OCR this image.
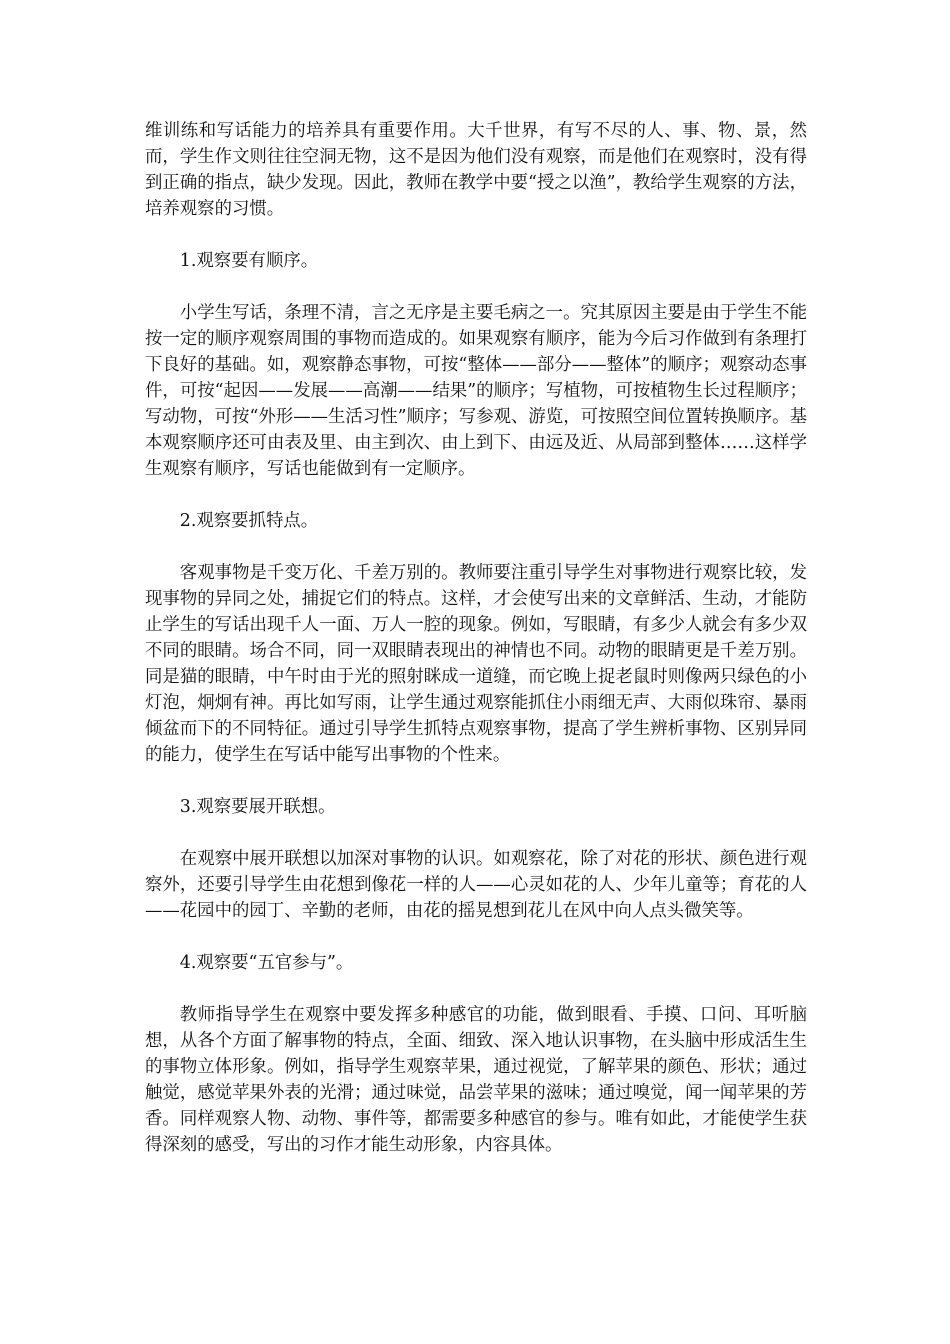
维训练和写话能力的培养具有重要作用。大千世界，有写不尽的人、事、物、景，然而，学生作文则往往空洞无物，这不是因为他们没有观察，而是他们在观察时，没有得到正确的指点，缺少发现。因此，教师在教学中要“授之以渔”，教给学生观察的方法，培养观察的习惯。

1.观察要有顺序。

小学生写话，条理不清，言之无序是主要毛病之一。究其原因主要是由于学生不能按一定的顺序观察周围的事物而造成的。如果观察有顺序，能为今后习作做到有条理打下良好的基础。如，观察静态事物，可按“整体——部分——整体”的顺序；观察动态事件，可按“起因——发展——高潮——结果”的顺序；写植物，可按植物生长过程顺序；写动物，可按“外形——生活习性”顺序；写参观、游览，可按照空间位置转换顺序。基本观察顺序还可由表及里、由主到次、由上到下、由远及近、从局部到整体……这样学生观察有顺序，写话也能做到有一定顺序。

2.观察要抓特点。

客观事物是千变万化、千差万别的。教师要注重引导学生对事物进行观察比较，发现事物的异同之处，捕捉它们的特点。这样，才会使写出来的文章鲜活、生动，才能防止学生的写话出现千人一面、万人一腔的现象。例如，写眼睛，有多少人就会有多少双不同的眼睛。场合不同，同一双眼睛表现出的神情也不同。动物的眼睛更是千差万别。同是猫的眼睛，中午时由于光的照射眯成一道缝，而它晚上捉老鼠时则像两只绿色的小灯泡，炯炯有神。再比如写雨，让学生通过观察能抓住小雨细无声、大雨似珠帘、暴雨倾盆而下的不同特征。通过引导学生抓特点观察事物，提高了学生辨析事物、区别异同的能力，使学生在写话中能写出事物的个性来。

3.观察要展开联想。

在观察中展开联想以加深对事物的认识。如观察花，除了对花的形状、颜色进行观察外，还要引导学生由花想到像花一样的人——心灵如花的人、少年儿童等；育花的人——花园中的园丁、辛勤的老师，由花的摇晃想到花儿在风中向人点头微笑等。

4.观察要“五官参与”。

教师指导学生在观察中要发挥多种感官的功能，做到眼看、手摸、口问、耳听脑想，从各个方面了解事物的特点，全面、细致、深入地认识事物，在头脑中形成活生生的事物立体形象。例如，指导学生观察苹果，通过视觉，了解苹果的颜色、形状；通过触觉，感觉苹果外表的光滑；通过味觉，品尝苹果的滋味；通过嗅觉，闻一闻苹果的芳香。同样观察人物、动物、事件等，都需要多种感官的参与。唯有如此，才能使学生获得深刻的感受，写出的习作才能生动形象，内容具体。
